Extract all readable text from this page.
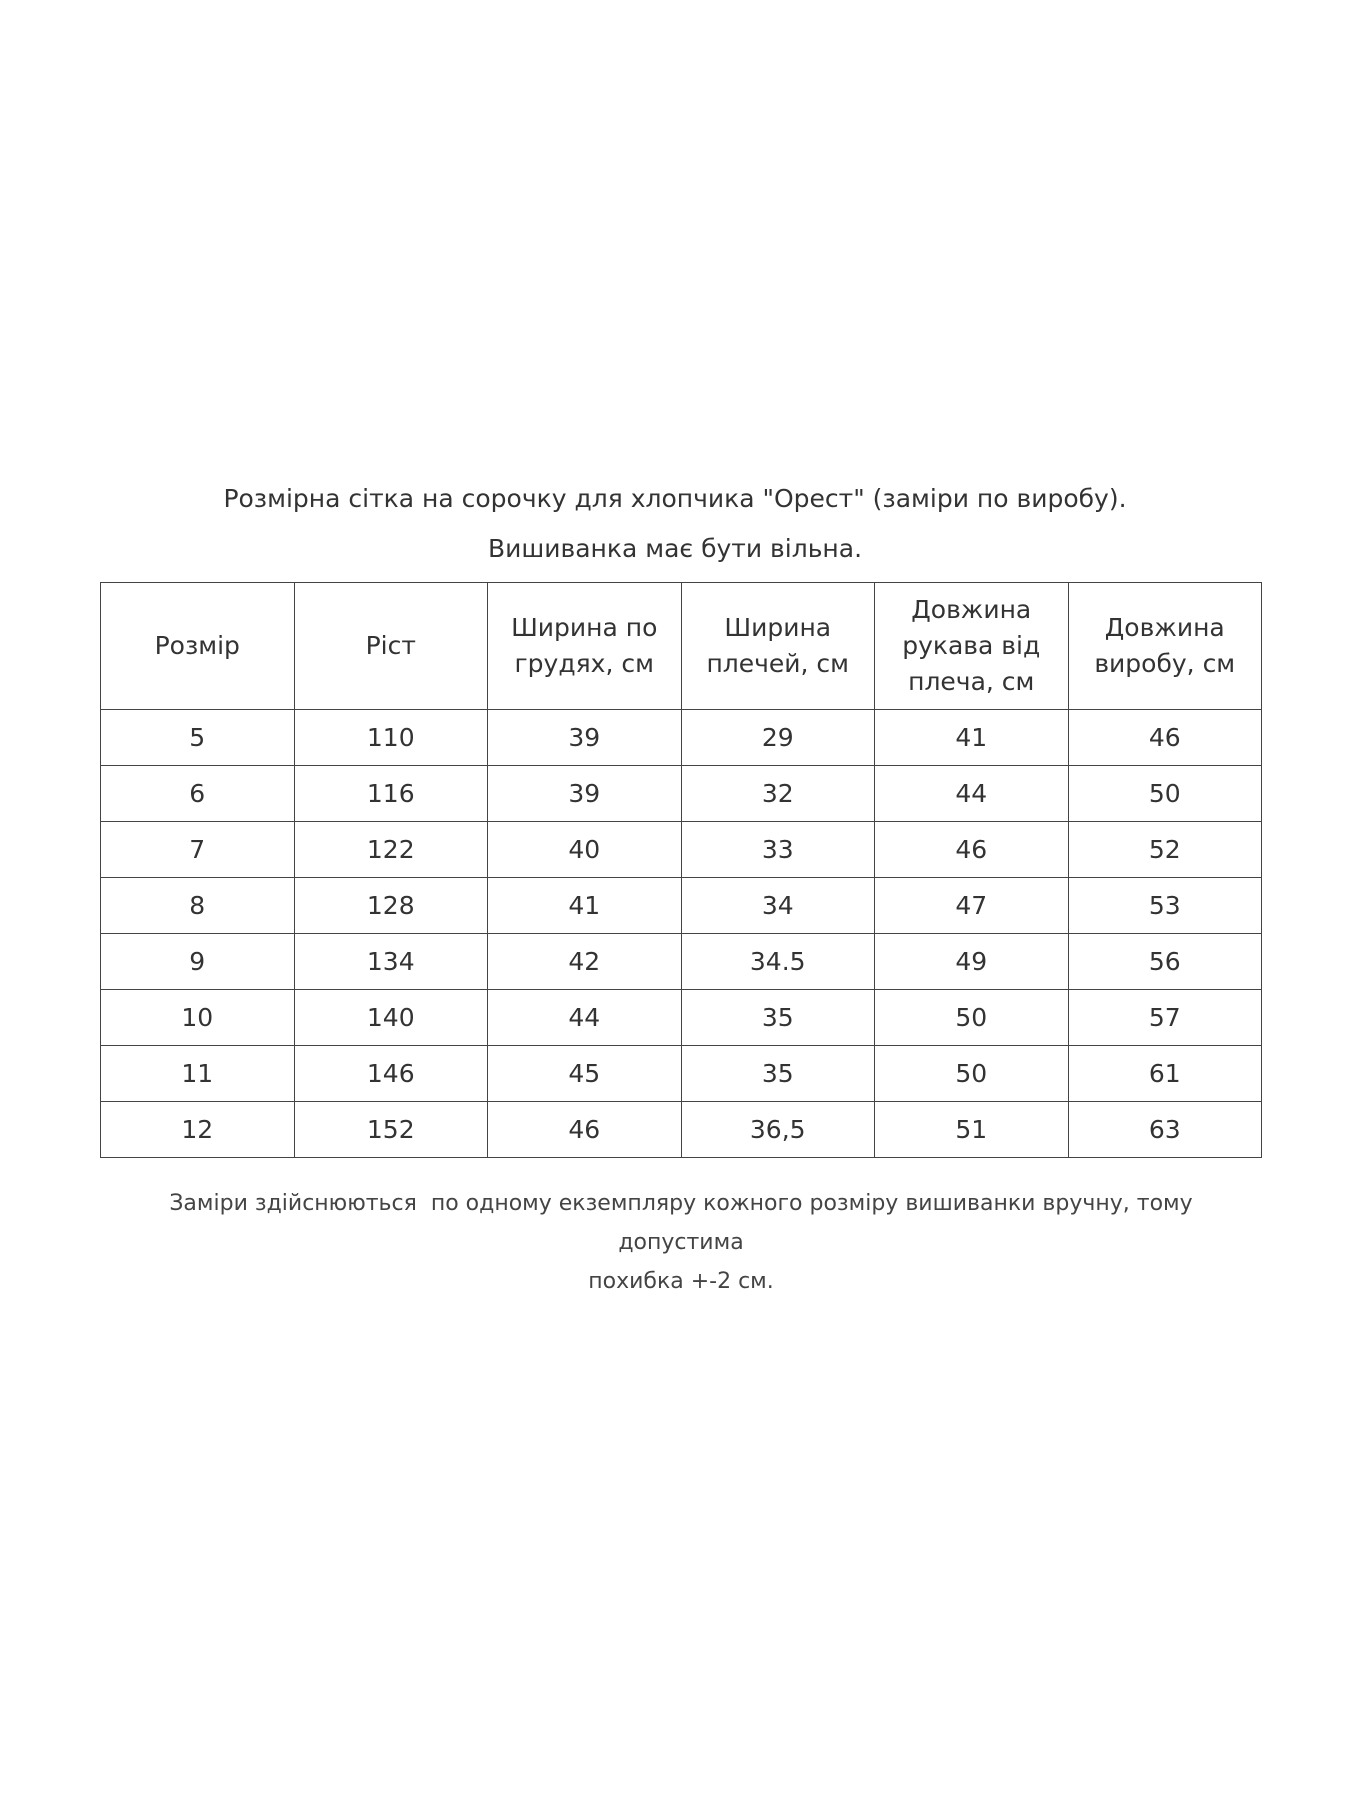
Розмірна сітка на сорочку для хлопчика "Орест" (заміри по виробу).
Вишиванка має бути вільна.
Розмір	Ріст	Ширина по грудях, см	Ширина плечей, см	Довжина рукава від плеча, см	Довжина виробу, см
5	110	39	29	41	46
6	116	39	32	44	50
7	122	40	33	46	52
8	128	41	34	47	53
9	134	42	34.5	49	56
10	140	44	35	50	57
11	146	45	35	50	61
12	152	46	36,5	51	63
Заміри здійснюються  по одному екземпляру кожного розміру вишиванки вручну, тому допустима
похибка +-2 см.
